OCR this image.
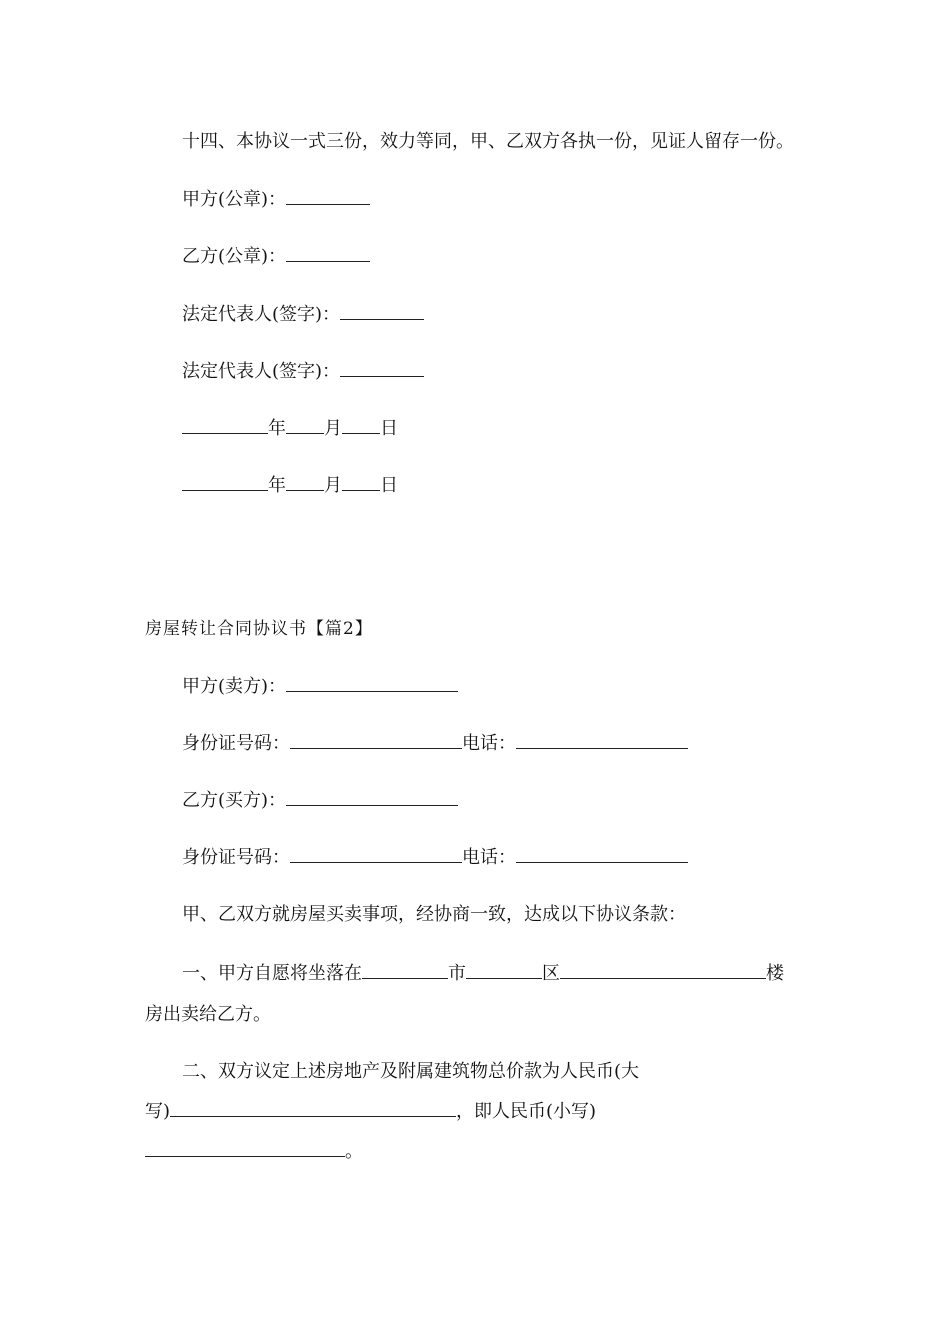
十四、本协议一式三份，效力等同，甲、乙双方各执一份，见证人留存一份。
甲方(公章)：
乙方(公章)：
法定代表人(签字)：
法定代表人(签字)：
年 月 日
年 月 日
房屋转让合同协议书【篇2】
甲方(卖方)：
身份证号码：	电话：
乙方(买方)：
身份证号码：	电话：
甲、乙双方就房屋买卖事项，经协商一致，达成以下协议条款：
一、甲方自愿将坐落在	市	区	楼
房出卖给乙方。
二、双方议定上述房地产及附属建筑物总价款为人民币(大
写)	，即人民币(小写)
。
